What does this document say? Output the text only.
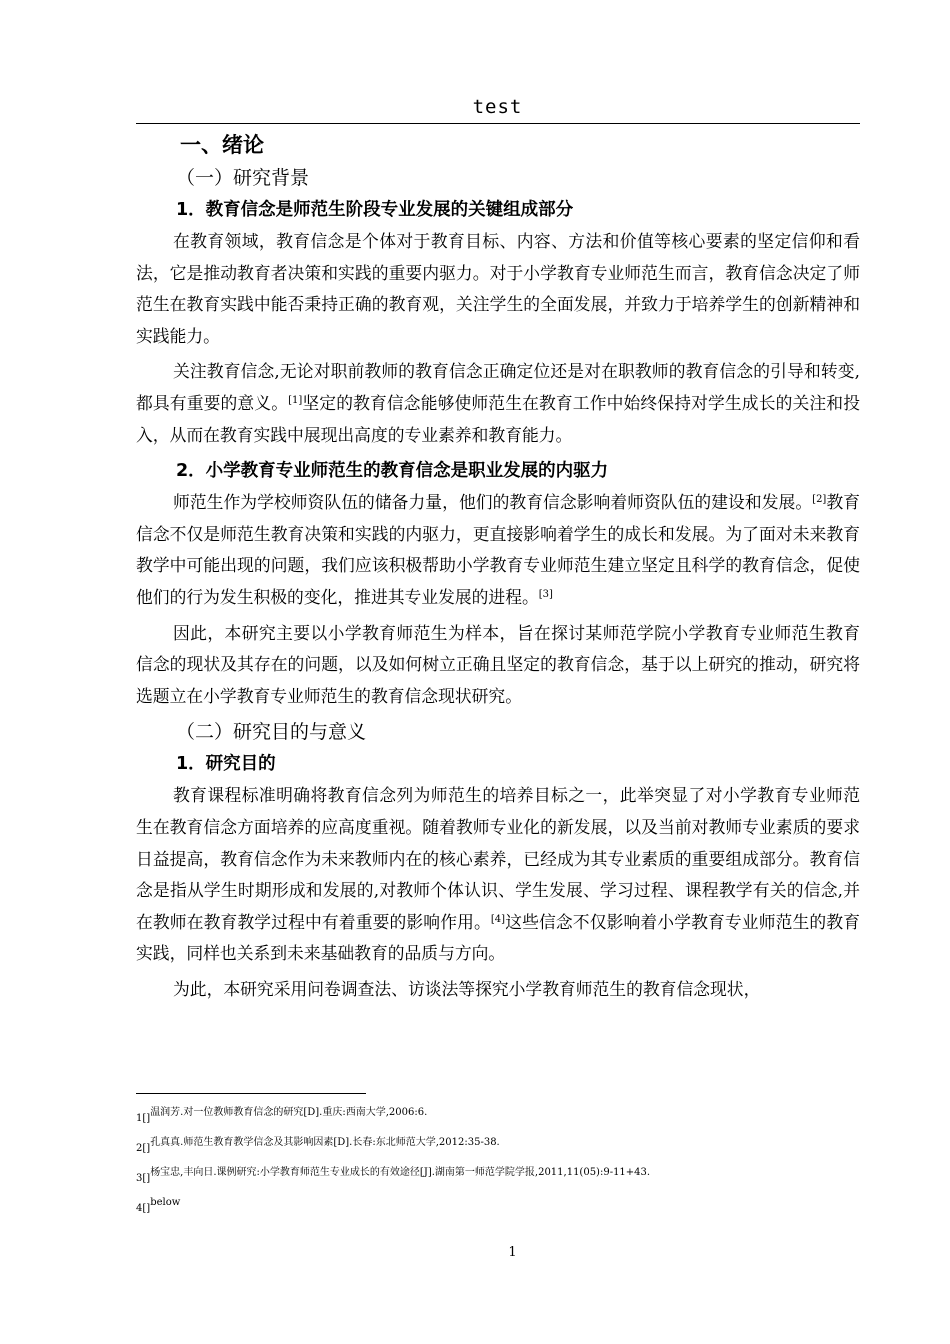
test
一、绪论
（一）研究背景
1．教育信念是师范生阶段专业发展的关键组成部分

在教育领域，教育信念是个体对于教育目标、内容、方法和价值等核心要素的坚定信仰和看法，它是推动教育者决策和实践的重要内驱力。对于小学教育专业师范生而言，教育信念决定了师范生在教育实践中能否秉持正确的教育观，关注学生的全面发展，并致力于培养学生的创新精神和实践能力。

关注教育信念,无论对职前教师的教育信念正确定位还是对在职教师的教育信念的引导和转变,都具有重要的意义。[1]坚定的教育信念能够使师范生在教育工作中始终保持对学生成长的关注和投入，从而在教育实践中展现出高度的专业素养和教育能力。

2．小学教育专业师范生的教育信念是职业发展的内驱力

师范生作为学校师资队伍的储备力量，他们的教育信念影响着师资队伍的建设和发展。[2]教育信念不仅是师范生教育决策和实践的内驱力，更直接影响着学生的成长和发展。为了面对未来教育教学中可能出现的问题，我们应该积极帮助小学教育专业师范生建立坚定且科学的教育信念，促使他们的行为发生积极的变化，推进其专业发展的进程。[3]

因此，本研究主要以小学教育师范生为样本，旨在探讨某师范学院小学教育专业师范生教育信念的现状及其存在的问题，以及如何树立正确且坚定的教育信念，基于以上研究的推动，研究将选题立在小学教育专业师范生的教育信念现状研究。

（二）研究目的与意义
1．研究目的

教育课程标准明确将教育信念列为师范生的培养目标之一，此举突显了对小学教育专业师范生在教育信念方面培养的应高度重视。随着教师专业化的新发展，以及当前对教师专业素质的要求日益提高，教育信念作为未来教师内在的核心素养，已经成为其专业素质的重要组成部分。教育信念是指从学生时期形成和发展的,对教师个体认识、学生发展、学习过程、课程教学有关的信念,并在教师在教育教学过程中有着重要的影响作用。[4]这些信念不仅影响着小学教育专业师范生的教育实践，同样也关系到未来基础教育的品质与方向。

为此，本研究采用问卷调查法、访谈法等探究小学教育师范生的教育信念现状，

1[]$^{温润芳.对一位教师教育信念的研究[D].重庆:西南大学,2006:6.}$
2[]$^{孔真真.师范生教育教学信念及其影响因素[D].长春:东北师范大学,2012:35-38.}$
3[]$^{杨宝忠,丰向日.课例研究:小学教育师范生专业成长的有效途径[J].湖南第一师范学院学报,2011,11(05):9-11+43.}$
4[]$^{below}$
1
